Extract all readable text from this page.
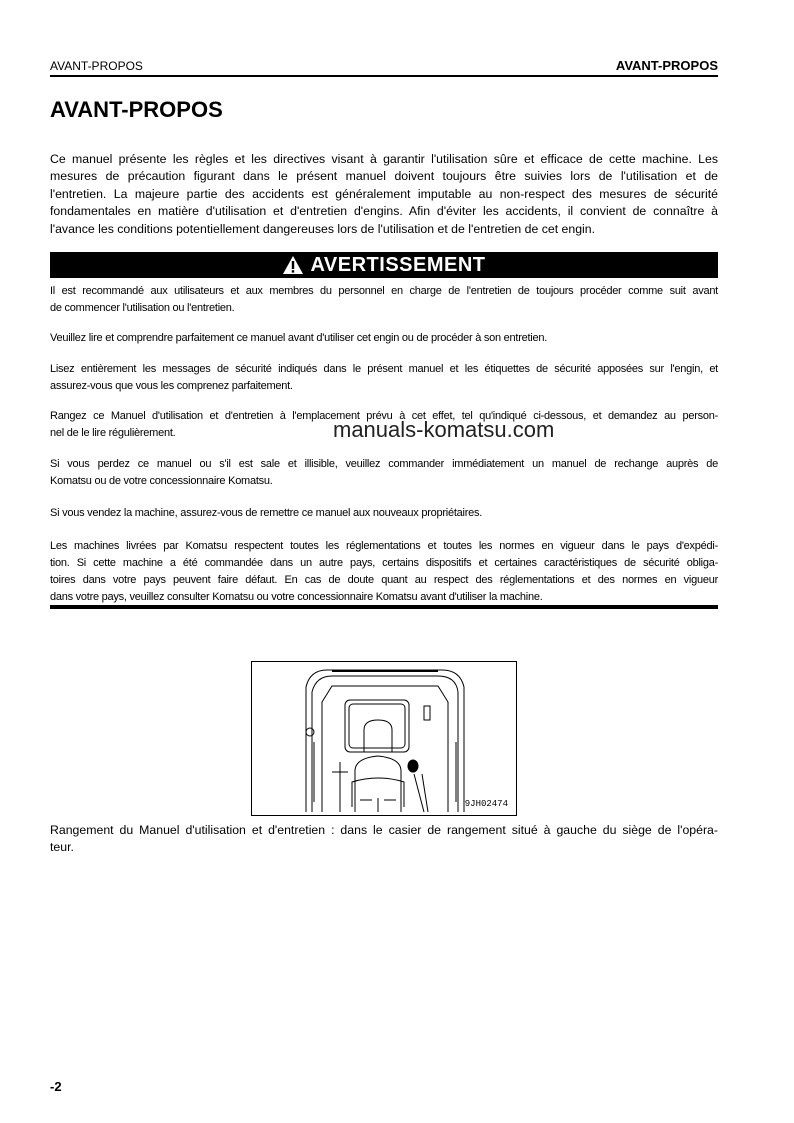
AVANT-PROPOS	AVANT-PROPOS
AVANT-PROPOS
Ce manuel présente les règles et les directives visant à garantir l'utilisation sûre et efficace de cette machine. Les
mesures de précaution figurant dans le présent manuel doivent toujours être suivies lors de l'utilisation et de
l'entretien. La majeure partie des accidents est généralement imputable au non-respect des mesures de sécurité
fondamentales en matière d'utilisation et d'entretien d'engins. Afin d'éviter les accidents, il convient de connaître à
l'avance les conditions potentiellement dangereuses lors de l'utilisation et de l'entretien de cet engin.
AVERTISSEMENT
Il est recommandé aux utilisateurs et aux membres du personnel en charge de l'entretien de toujours procéder comme suit avant
de commencer l'utilisation ou l'entretien.
Veuillez lire et comprendre parfaitement ce manuel avant d'utiliser cet engin ou de procéder à son entretien.
Lisez entièrement les messages de sécurité indiqués dans le présent manuel et les étiquettes de sécurité apposées sur l'engin, et
assurez-vous que vous les comprenez parfaitement.
Rangez ce Manuel d'utilisation et d'entretien à l'emplacement prévu à cet effet, tel qu'indiqué ci-dessous, et demandez au person-
nel de le lire régulièrement.
Si vous perdez ce manuel ou s'il est sale et illisible, veuillez commander immédiatement un manuel de rechange auprès de
Komatsu ou de votre concessionnaire Komatsu.
Si vous vendez la machine, assurez-vous de remettre ce manuel aux nouveaux propriétaires.
Les machines livrées par Komatsu respectent toutes les réglementations et toutes les normes en vigueur dans le pays d'expédi-
tion. Si cette machine a été commandée dans un autre pays, certains dispositifs et certaines caractéristiques de sécurité obliga-
toires dans votre pays peuvent faire défaut. En cas de doute quant au respect des réglementations et des normes en vigueur
dans votre pays, veuillez consulter Komatsu ou votre concessionnaire Komatsu avant d'utiliser la machine.
manuals-komatsu.com
9JH02474
Rangement du Manuel d'utilisation et d'entretien : dans le casier de rangement situé à gauche du siège de l'opéra-
teur.
-2
